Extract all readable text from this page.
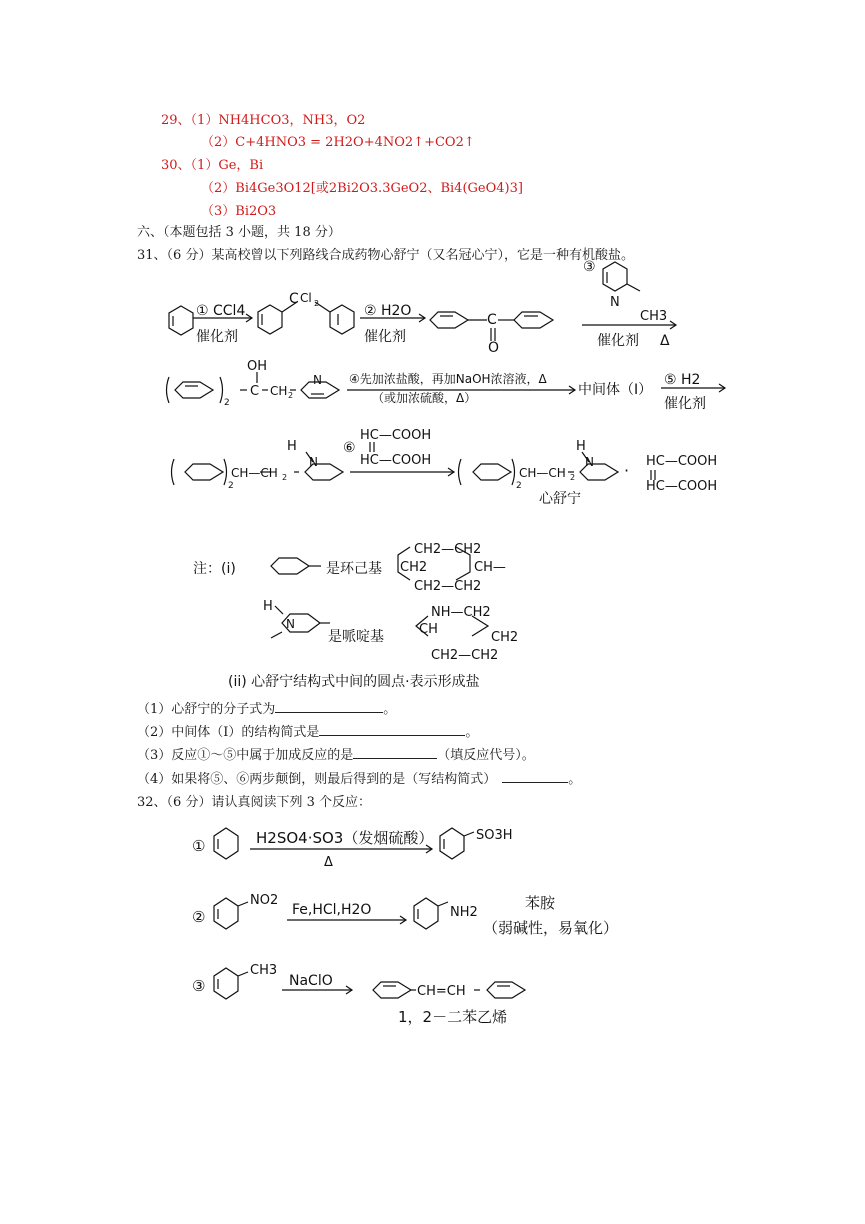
29、（1）NH4HCO3，NH3，O2
（2）C+4HNO3 = 2H2O+4NO2↑+CO2↑
30、（1）Ge，Bi
（2）Bi4Ge3O12[或2Bi2O3.3GeO2、Bi4(GeO4)3]
（3）Bi2O3
六、（本题包括 3 小题，共 18 分）
31、（6 分）某高校曾以下列路线合成药物心舒宁（又名冠心宁），它是一种有机酸盐。
① CCl4
催化剂
C Cl 2	② H2O
催化剂
C
O
③
N
CH3
催化剂 Δ
2
OH
C CH 2
N ④先加浓盐酸，再加NaOH浓溶液，Δ
（或加浓硫酸，Δ）	中间体（I）
⑤ H2
催化剂
2
CH—CH 2
H
N
⑥
HC—COOH
HC—COOH
2
CH—CH 2
H
N
心舒宁
· HC—COOH
HC—COOH
注：(i)	是环己基
CH2—CH2
CH2	CH—
CH2—CH2
H
N
是哌啶基
NH—CH2
CH
CH2
CH2—CH2
(ii) 心舒宁结构式中间的圆点·表示形成盐
（1）心舒宁的分子式为	。
（2）中间体（I）的结构简式是	。
（3）反应①～⑤中属于加成反应的是	（填反应代号）。
（4）如果将⑤、⑥两步颠倒，则最后得到的是（写结构简式）	。
32、（6 分）请认真阅读下列 3 个反应：
①	H2SO4·SO3（发烟硫酸）
Δ
SO3H
②
NO2
Fe,HCl,H2O	NH2
苯胺
（弱碱性，易氧化）
③
CH3
NaClO
CH=CH
1，2－二苯乙烯
